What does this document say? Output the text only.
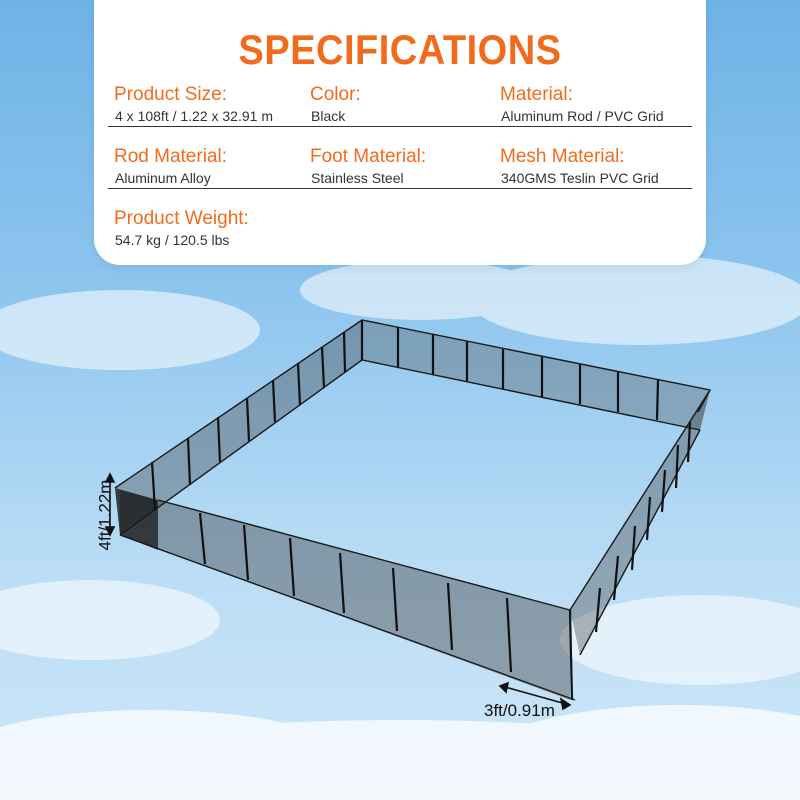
SPECIFICATIONS
Product Size:
4 x 108ft / 1.22 x 32.91 m
Color:
Black
Material:
Aluminum Rod / PVC Grid
Rod Material:
Aluminum Alloy
Foot Material:
Stainless Steel
Mesh Material:
340GMS Teslin PVC Grid
Product Weight:
54.7 kg / 120.5 lbs
3ft/0.91m
4ft/1.22m
